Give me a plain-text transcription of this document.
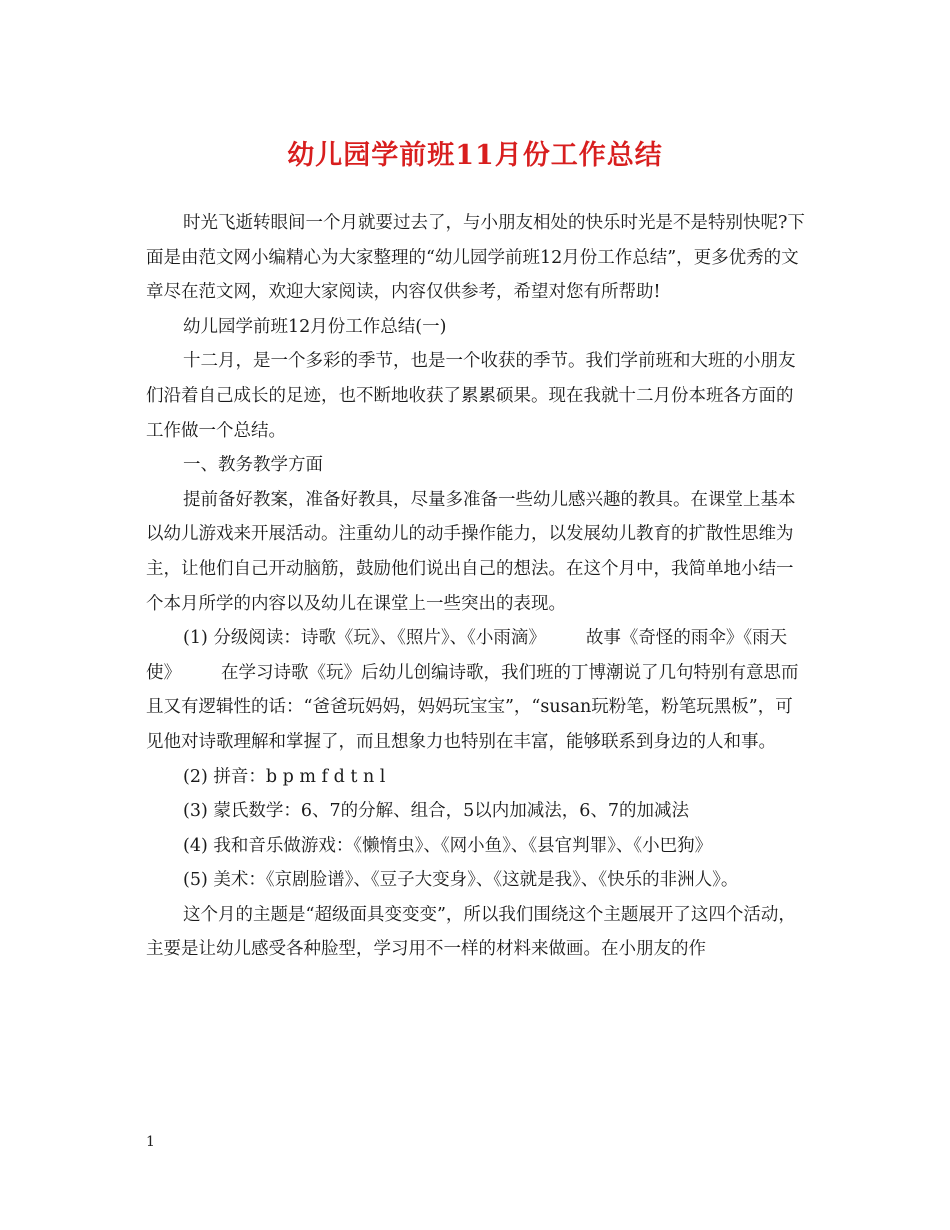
幼儿园学前班11月份工作总结

时光飞逝转眼间一个月就要过去了，与小朋友相处的快乐时光是不是特别快呢?下面是由范文网小编精心为大家整理的“幼儿园学前班12月份工作总结”，更多优秀的文章尽在范文网，欢迎大家阅读，内容仅供参考，希望对您有所帮助!

幼儿园学前班12月份工作总结(一)

十二月，是一个多彩的季节，也是一个收获的季节。我们学前班和大班的小朋友们沿着自己成长的足迹，也不断地收获了累累硕果。现在我就十二月份本班各方面的工作做一个总结。

一、教务教学方面

提前备好教案，准备好教具，尽量多准备一些幼儿感兴趣的教具。在课堂上基本以幼儿游戏来开展活动。注重幼儿的动手操作能力，以发展幼儿教育的扩散性思维为主，让他们自己开动脑筋，鼓励他们说出自己的想法。在这个月中，我简单地小结一个本月所学的内容以及幼儿在课堂上一些突出的表现。

(1) 分级阅读：诗歌《玩》、《照片》、《小雨滴》 故事《奇怪的雨伞》《雨天使》 在学习诗歌《玩》后幼儿创编诗歌，我们班的丁博潮说了几句特别有意思而且又有逻辑性的话：“爸爸玩妈妈，妈妈玩宝宝”，“susan玩粉笔，粉笔玩黑板”，可见他对诗歌理解和掌握了，而且想象力也特别在丰富，能够联系到身边的人和事。

(2) 拼音：b p m f d t n l

(3) 蒙氏数学：6、7的分解、组合，5以内加减法，6、7的加减法

(4) 我和音乐做游戏：《懒惰虫》、《网小鱼》、《县官判罪》、《小巴狗》

(5) 美术：《京剧脸谱》、《豆子大变身》、《这就是我》、《快乐的非洲人》。

这个月的主题是“超级面具变变变”，所以我们围绕这个主题展开了这四个活动，主要是让幼儿感受各种脸型，学习用不一样的材料来做画。在小朋友的作

1
